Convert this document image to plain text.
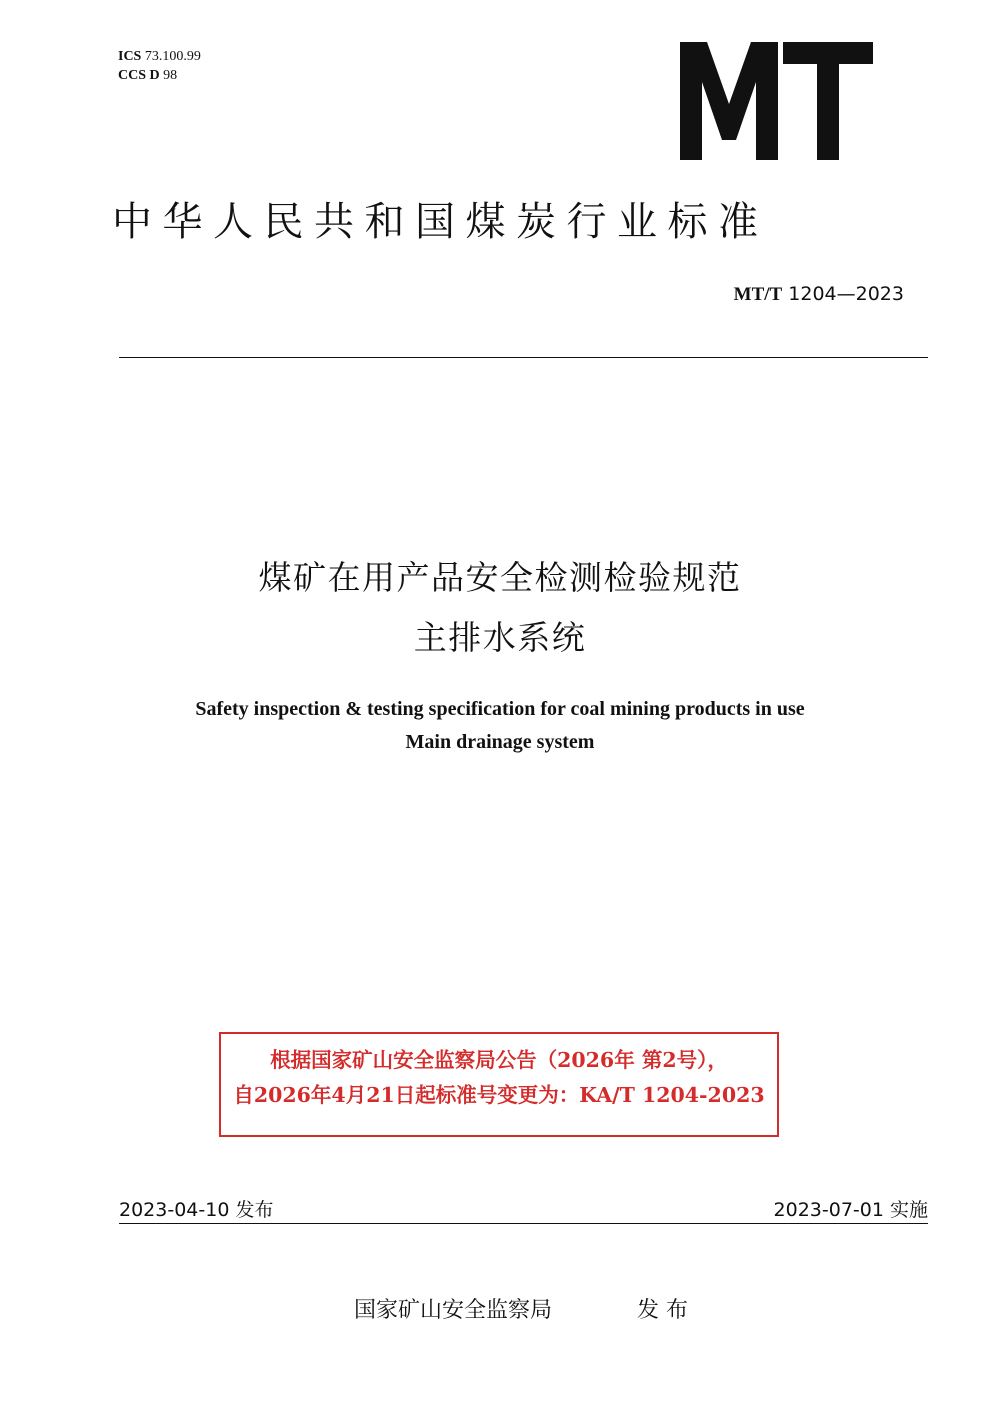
ICS 73.100.99
CCS D 98
中华人民共和国煤炭行业标准
MT/T 1204—2023
煤矿在用产品安全检测检验规范
主排水系统
Safety inspection & testing specification for coal mining products in use
Main drainage system
根据国家矿山安全监察局公告（2026年 第2号），
自2026年4月21日起标准号变更为：KA/T 1204-2023
2023-04-10 发布	2023-07-01 实施
国家矿山安全监察局	发 布
